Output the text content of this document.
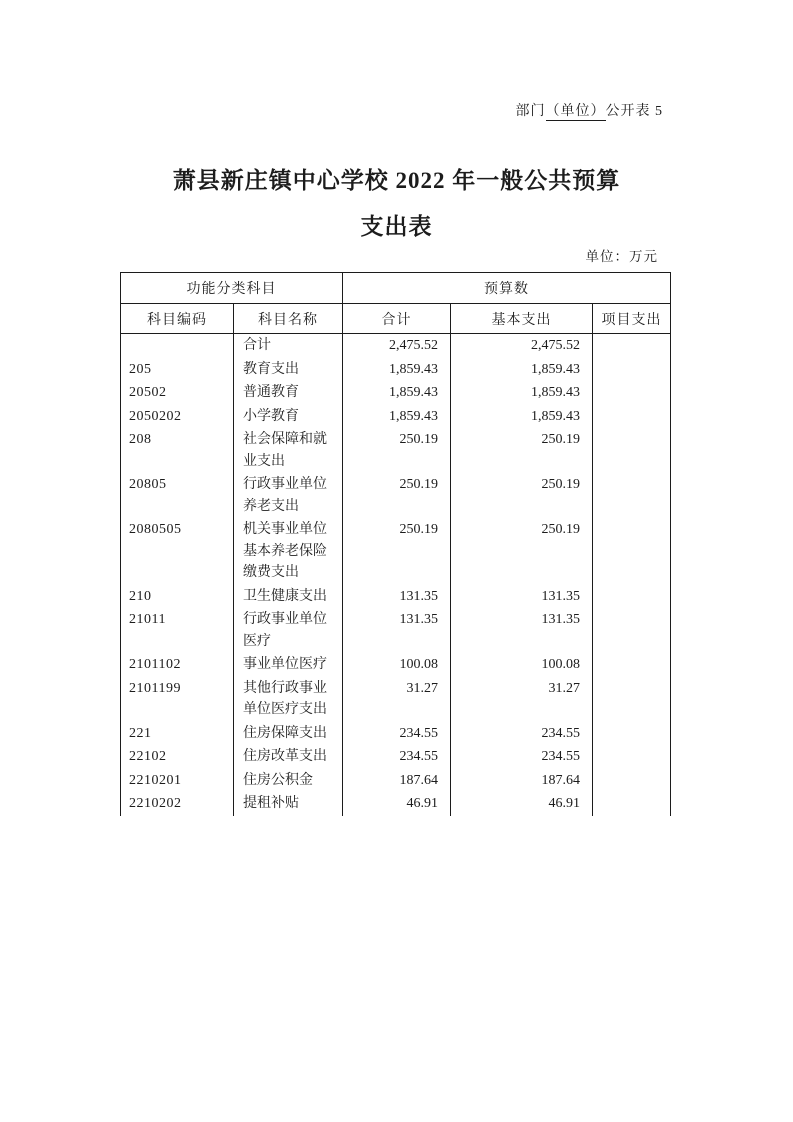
部门（单位）公开表 5
萧县新庄镇中心学校 2022 年一般公共预算
支出表
单位：万元
功能分类科目		预算数		
科目编码	科目名称	合计	基本支出	项目支出
	合计	2,475.52	2,475.52	
205	教育支出	1,859.43	1,859.43	
20502	普通教育	1,859.43	1,859.43	
2050202	小学教育	1,859.43	1,859.43	
208	社会保障和就业支出	250.19	250.19	
20805	行政事业单位养老支出	250.19	250.19	
2080505	机关事业单位基本养老保险缴费支出	250.19	250.19	
210	卫生健康支出	131.35	131.35	
21011	行政事业单位医疗	131.35	131.35	
2101102	事业单位医疗	100.08	100.08	
2101199	其他行政事业单位医疗支出	31.27	31.27	
221	住房保障支出	234.55	234.55	
22102	住房改革支出	234.55	234.55	
2210201	住房公积金	187.64	187.64	
2210202	提租补贴	46.91	46.91	
